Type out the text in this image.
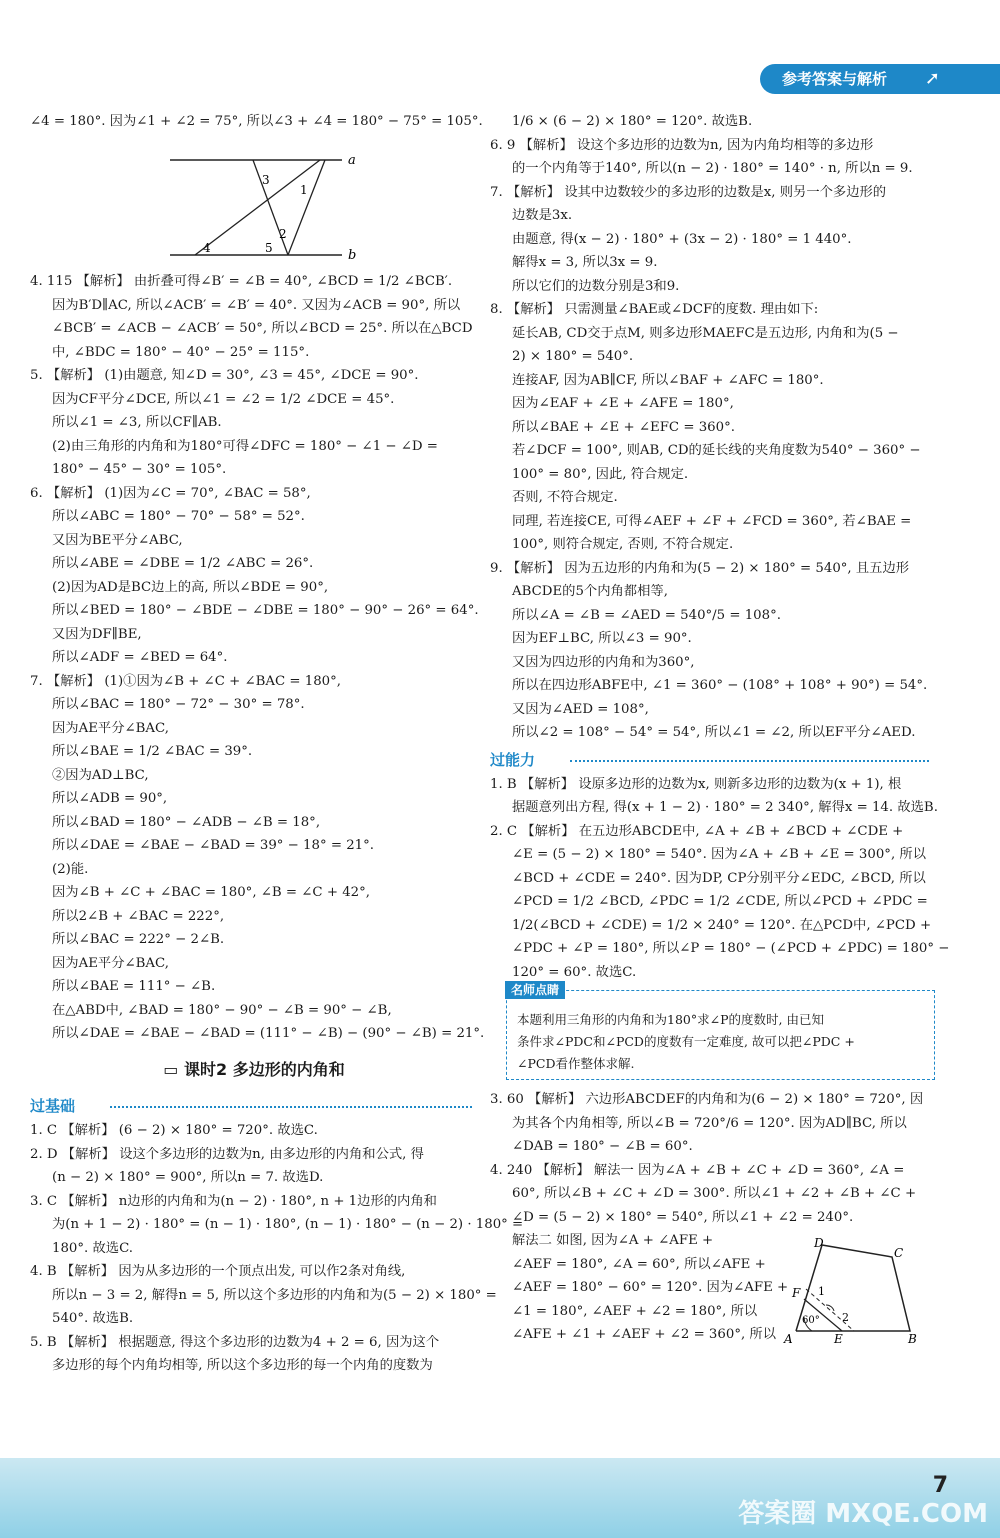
参考答案与解析 ➚
∠4 = 180°. 因为∠1 + ∠2 = 75°, 所以∠3 + ∠4 = 180° − 75° = 105°.
a
b
1
2
3
4	5
4. 115 【解析】 由折叠可得∠B′ = ∠B = 40°, ∠BCD = 1/2 ∠BCB′.
因为B′D∥AC, 所以∠ACB′ = ∠B′ = 40°. 又因为∠ACB = 90°, 所以
∠BCB′ = ∠ACB − ∠ACB′ = 50°, 所以∠BCD = 25°. 所以在△BCD
中, ∠BDC = 180° − 40° − 25° = 115°.
5. 【解析】 (1)由题意, 知∠D = 30°, ∠3 = 45°, ∠DCE = 90°.
因为CF平分∠DCE, 所以∠1 = ∠2 = 1/2 ∠DCE = 45°.
所以∠1 = ∠3, 所以CF∥AB.
(2)由三角形的内角和为180°可得∠DFC = 180° − ∠1 − ∠D =
180° − 45° − 30° = 105°.
6. 【解析】 (1)因为∠C = 70°, ∠BAC = 58°,
所以∠ABC = 180° − 70° − 58° = 52°.
又因为BE平分∠ABC,
所以∠ABE = ∠DBE = 1/2 ∠ABC = 26°.
(2)因为AD是BC边上的高, 所以∠BDE = 90°,
所以∠BED = 180° − ∠BDE − ∠DBE = 180° − 90° − 26° = 64°.
又因为DF∥BE,
所以∠ADF = ∠BED = 64°.
7. 【解析】 (1)①因为∠B + ∠C + ∠BAC = 180°,
所以∠BAC = 180° − 72° − 30° = 78°.
因为AE平分∠BAC,
所以∠BAE = 1/2 ∠BAC = 39°.
②因为AD⊥BC,
所以∠ADB = 90°,
所以∠BAD = 180° − ∠ADB − ∠B = 18°,
所以∠DAE = ∠BAE − ∠BAD = 39° − 18° = 21°.
(2)能.
因为∠B + ∠C + ∠BAC = 180°, ∠B = ∠C + 42°,
所以2∠B + ∠BAC = 222°,
所以∠BAC = 222° − 2∠B.
因为AE平分∠BAC,
所以∠BAE = 111° − ∠B.
在△ABD中, ∠BAD = 180° − 90° − ∠B = 90° − ∠B,
所以∠DAE = ∠BAE − ∠BAD = (111° − ∠B) − (90° − ∠B) = 21°.
▭ 课时2 多边形的内角和
过基础
1. C 【解析】 (6 − 2) × 180° = 720°. 故选C.
2. D 【解析】 设这个多边形的边数为n, 由多边形的内角和公式, 得
(n − 2) × 180° = 900°, 所以n = 7. 故选D.
3. C 【解析】 n边形的内角和为(n − 2) · 180°, n + 1边形的内角和
为(n + 1 − 2) · 180° = (n − 1) · 180°, (n − 1) · 180° − (n − 2) · 180° =
180°. 故选C.
4. B 【解析】 因为从多边形的一个顶点出发, 可以作2条对角线,
所以n − 3 = 2, 解得n = 5, 所以这个多边形的内角和为(5 − 2) × 180° =
540°. 故选B.
5. B 【解析】 根据题意, 得这个多边形的边数为4 + 2 = 6, 因为这个
多边形的每个内角均相等, 所以这个多边形的每一个内角的度数为
1/6 × (6 − 2) × 180° = 120°. 故选B.
6. 9 【解析】 设这个多边形的边数为n, 因为内角均相等的多边形
的一个内角等于140°, 所以(n − 2) · 180° = 140° · n, 所以n = 9.
7. 【解析】 设其中边数较少的多边形的边数是x, 则另一个多边形的
边数是3x.
由题意, 得(x − 2) · 180° + (3x − 2) · 180° = 1 440°.
解得x = 3, 所以3x = 9.
所以它们的边数分别是3和9.
8. 【解析】 只需测量∠BAE或∠DCF的度数. 理由如下:
延长AB, CD交于点M, 则多边形MAEFC是五边形, 内角和为(5 −
2) × 180° = 540°.
连接AF, 因为AB∥CF, 所以∠BAF + ∠AFC = 180°.
因为∠EAF + ∠E + ∠AFE = 180°,
所以∠BAE + ∠E + ∠EFC = 360°.
若∠DCF = 100°, 则AB, CD的延长线的夹角度数为540° − 360° −
100° = 80°, 因此, 符合规定.
否则, 不符合规定.
同理, 若连接CE, 可得∠AEF + ∠F + ∠FCD = 360°, 若∠BAE =
100°, 则符合规定, 否则, 不符合规定.
9. 【解析】 因为五边形的内角和为(5 − 2) × 180° = 540°, 且五边形
ABCDE的5个内角都相等,
所以∠A = ∠B = ∠AED = 540°/5 = 108°.
因为EF⊥BC, 所以∠3 = 90°.
又因为四边形的内角和为360°,
所以在四边形ABFE中, ∠1 = 360° − (108° + 108° + 90°) = 54°.
又因为∠AED = 108°,
所以∠2 = 108° − 54° = 54°, 所以∠1 = ∠2, 所以EF平分∠AED.
过能力
1. B 【解析】 设原多边形的边数为x, 则新多边形的边数为(x + 1), 根
据题意列出方程, 得(x + 1 − 2) · 180° = 2 340°, 解得x = 14. 故选B.
2. C 【解析】 在五边形ABCDE中, ∠A + ∠B + ∠BCD + ∠CDE +
∠E = (5 − 2) × 180° = 540°. 因为∠A + ∠B + ∠E = 300°, 所以
∠BCD + ∠CDE = 240°. 因为DP, CP分别平分∠EDC, ∠BCD, 所以
∠PCD = 1/2 ∠BCD, ∠PDC = 1/2 ∠CDE, 所以∠PCD + ∠PDC =
1/2(∠BCD + ∠CDE) = 1/2 × 240° = 120°. 在△PCD中, ∠PCD +
∠PDC + ∠P = 180°, 所以∠P = 180° − (∠PCD + ∠PDC) = 180° −
120° = 60°. 故选C.
名师点睛
本题利用三角形的内角和为180°求∠P的度数时, 由已知
条件求∠PDC和∠PCD的度数有一定难度, 故可以把∠PDC +
∠PCD看作整体求解.
3. 60 【解析】 六边形ABCDEF的内角和为(6 − 2) × 180° = 720°, 因
为其各个内角相等, 所以∠B = 720°/6 = 120°. 因为AD∥BC, 所以
∠DAB = 180° − ∠B = 60°.
4. 240 【解析】 解法一 因为∠A + ∠B + ∠C + ∠D = 360°, ∠A =
60°, 所以∠B + ∠C + ∠D = 300°. 所以∠1 + ∠2 + ∠B + ∠C +
∠D = (5 − 2) × 180° = 540°, 所以∠1 + ∠2 = 240°.
解法二 如图, 因为∠A + ∠AFE +
∠AEF = 180°, ∠A = 60°, 所以∠AFE +
∠AEF = 180° − 60° = 120°. 因为∠AFE +
∠1 = 180°, ∠AEF + ∠2 = 180°, 所以
∠AFE + ∠1 + ∠AEF + ∠2 = 360°, 所以
D
C
F
A	E	B
1
2
60°
7
答案圈 MXQE.COM
